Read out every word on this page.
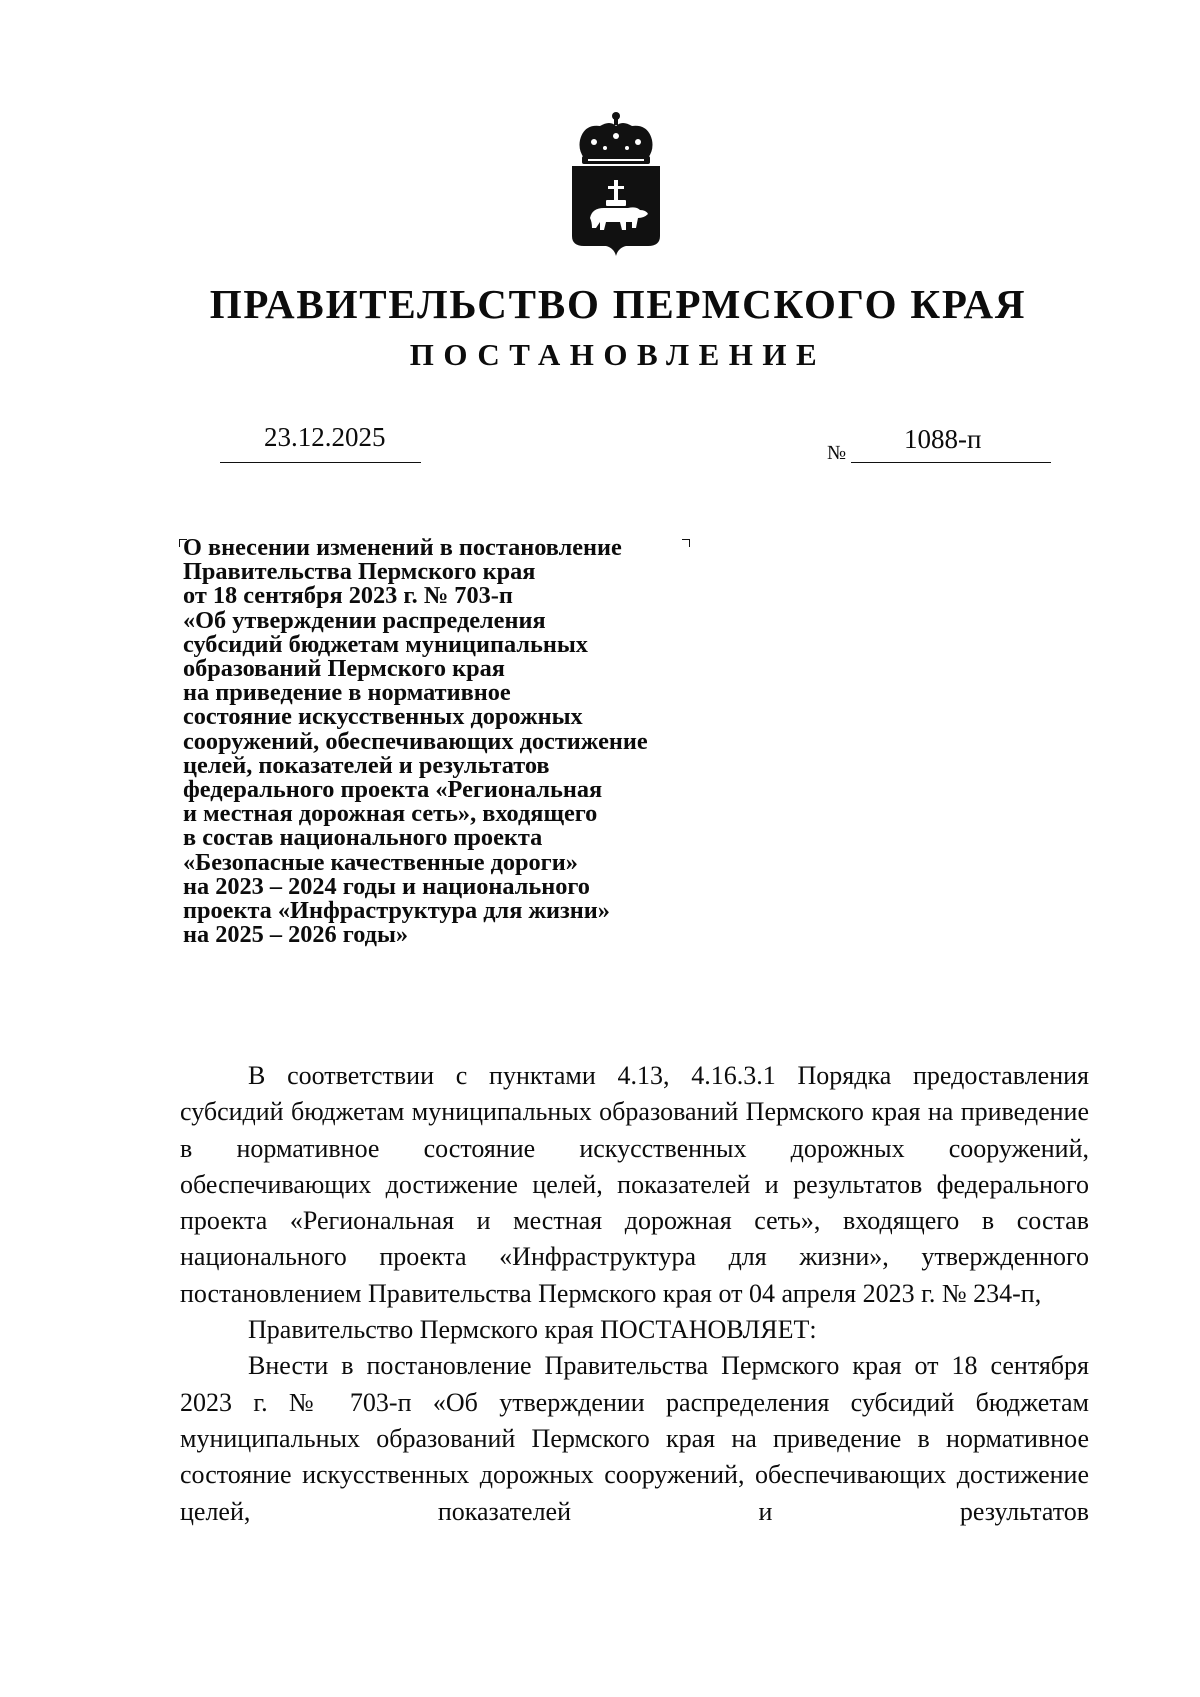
ПРАВИТЕЛЬСТВО ПЕРМСКОГО КРАЯ
ПОСТАНОВЛЕНИЕ
23.12.2025
№ 1088-п
О внесении изменений в постановление
Правительства Пермского края
от 18 сентября 2023 г. № 703-п
«Об утверждении распределения
субсидий бюджетам муниципальных
образований Пермского края
на приведение в нормативное
состояние искусственных дорожных
сооружений, обеспечивающих достижение
целей, показателей и результатов
федерального проекта «Региональная
и местная дорожная сеть», входящего
в состав национального проекта
«Безопасные качественные дороги»
на 2023 – 2024 годы и национального
проекта «Инфраструктура для жизни»
на 2025 – 2026 годы»

В соответствии с пунктами 4.13, 4.16.3.1 Порядка предоставления субсидий бюджетам муниципальных образований Пермского края на приведение в нормативное состояние искусственных дорожных сооружений, обеспечивающих достижение целей, показателей и результатов федерального проекта «Региональная и местная дорожная сеть», входящего в состав национального проекта «Инфраструктура для жизни», утвержденного постановлением Правительства Пермского края от 04 апреля 2023 г. № 234-п,

Правительство Пермского края ПОСТАНОВЛЯЕТ:

Внести в постановление Правительства Пермского края от 18 сентября 2023 г. № 703-п «Об утверждении распределения субсидий бюджетам муниципальных образований Пермского края на приведение в нормативное состояние искусственных дорожных сооружений, обеспечивающих достижение целей, показателей и результатов
